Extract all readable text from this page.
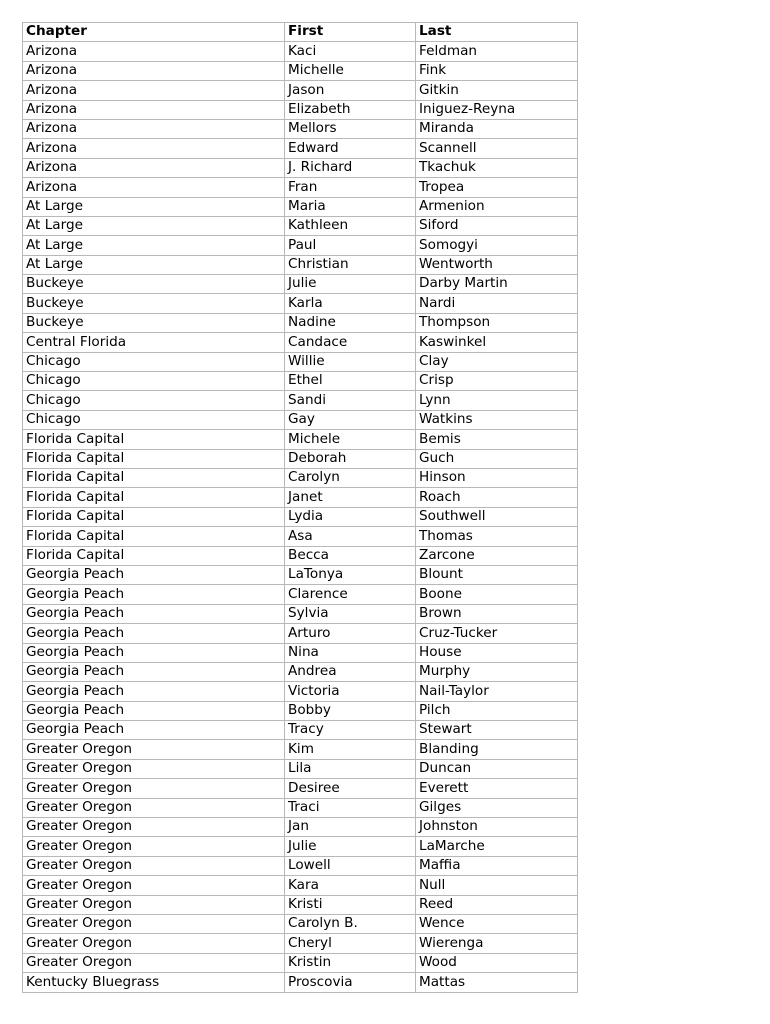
Chapter	First	Last
Arizona	Kaci	Feldman
Arizona	Michelle	Fink
Arizona	Jason	Gitkin
Arizona	Elizabeth	Iniguez-Reyna
Arizona	Mellors	Miranda
Arizona	Edward	Scannell
Arizona	J. Richard	Tkachuk
Arizona	Fran	Tropea
At Large	Maria	Armenion
At Large	Kathleen	Siford
At Large	Paul	Somogyi
At Large	Christian	Wentworth
Buckeye	Julie	Darby Martin
Buckeye	Karla	Nardi
Buckeye	Nadine	Thompson
Central Florida	Candace	Kaswinkel
Chicago	Willie	Clay
Chicago	Ethel	Crisp
Chicago	Sandi	Lynn
Chicago	Gay	Watkins
Florida Capital	Michele	Bemis
Florida Capital	Deborah	Guch
Florida Capital	Carolyn	Hinson
Florida Capital	Janet	Roach
Florida Capital	Lydia	Southwell
Florida Capital	Asa	Thomas
Florida Capital	Becca	Zarcone
Georgia Peach	LaTonya	Blount
Georgia Peach	Clarence	Boone
Georgia Peach	Sylvia	Brown
Georgia Peach	Arturo	Cruz-Tucker
Georgia Peach	Nina	House
Georgia Peach	Andrea	Murphy
Georgia Peach	Victoria	Nail-Taylor
Georgia Peach	Bobby	Pilch
Georgia Peach	Tracy	Stewart
Greater Oregon	Kim	Blanding
Greater Oregon	Lila	Duncan
Greater Oregon	Desiree	Everett
Greater Oregon	Traci	Gilges
Greater Oregon	Jan	Johnston
Greater Oregon	Julie	LaMarche
Greater Oregon	Lowell	Maffia
Greater Oregon	Kara	Null
Greater Oregon	Kristi	Reed
Greater Oregon	Carolyn B.	Wence
Greater Oregon	Cheryl	Wierenga
Greater Oregon	Kristin	Wood
Kentucky Bluegrass	Proscovia	Mattas
